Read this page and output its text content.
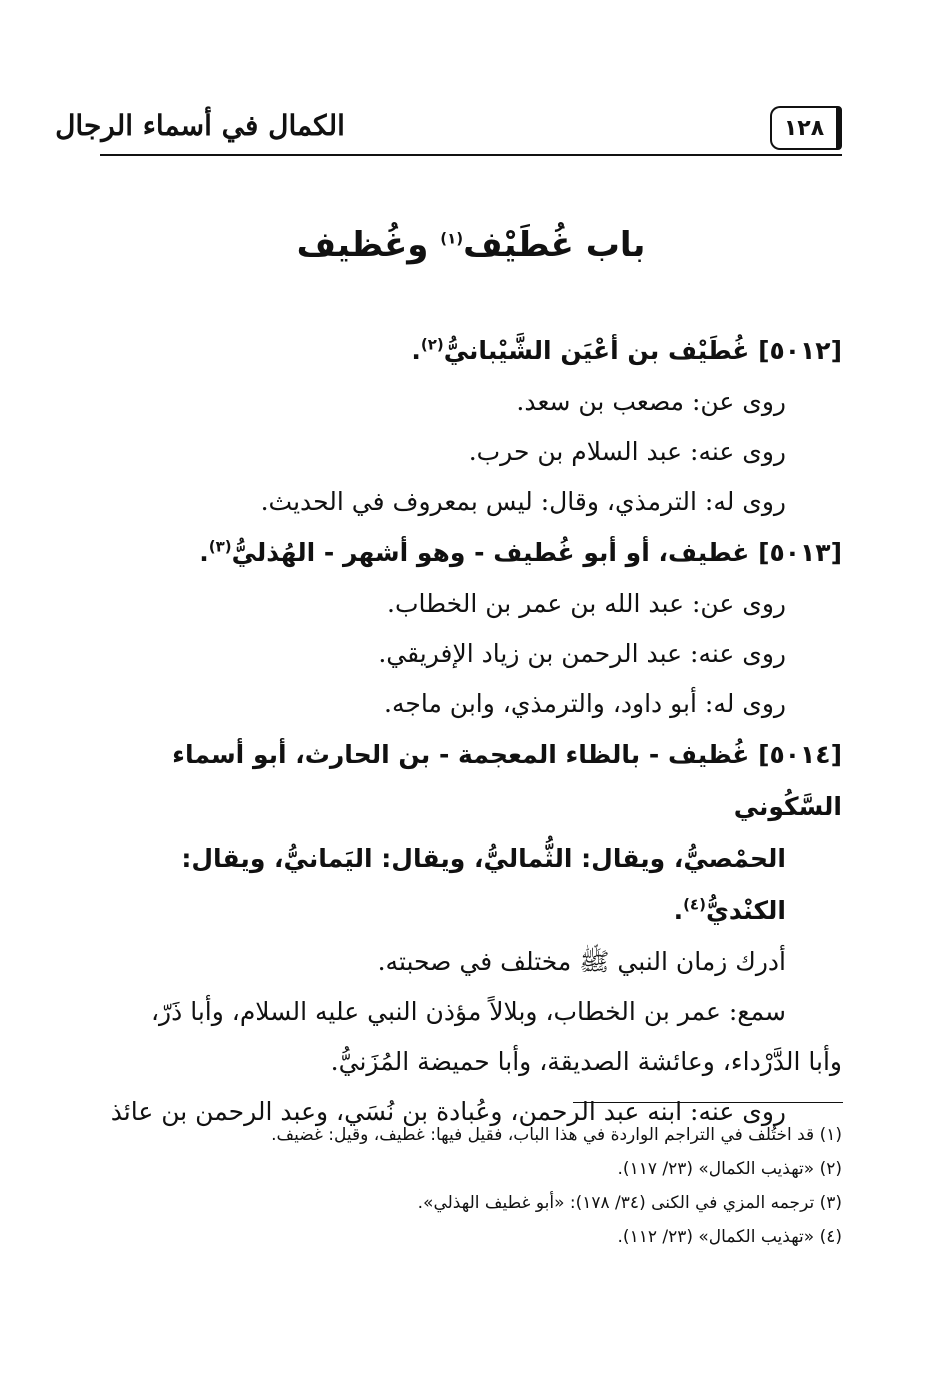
الكمال في أسماء الرجال	١٢٨
باب غُطَيْف$^{(١)}$ وغُظيف
[٥٠١٢] غُطَيْف بن أعْيَن الشَّيْبانيُّ$^{(٢)}$.
روى عن: مصعب بن سعد.
روى عنه: عبد السلام بن حرب.
روى له: الترمذي، وقال: ليس بمعروف في الحديث.
[٥٠١٣] غطيف، أو أبو غُطيف - وهو أشهر - الهُذليُّ$^{(٣)}$.
روى عن: عبد الله بن عمر بن الخطاب.
روى عنه: عبد الرحمن بن زياد الإفريقي.
روى له: أبو داود، والترمذي، وابن ماجه.
[٥٠١٤] غُظيف - بالظاء المعجمة - بن الحارث، أبو أسماء السَّكُوني
الحمْصيُّ، ويقال: الثُّماليُّ، ويقال: اليَمانيُّ، ويقال:
الكنْديُّ$^{(٤)}$.
أدرك زمان النبي ﷺ مختلف في صحبته.
سمع: عمر بن الخطاب، وبلالاً مؤذن النبي عليه السلام، وأبا ذَرّ،
وأبا الدَّرْداء، وعائشة الصديقة، وأبا حميضة المُزَنيُّ.
روى عنه: ابنه عبد الرحمن، وعُبادة بن نُسَي، وعبد الرحمن بن عائذ
(١) قد اختُلف في التراجم الواردة في هذا الباب، فقيل فيها: غطيف، وقيل: غضيف.
(٢) «تهذيب الكمال» (٢٣/ ١١٧).
(٣) ترجمه المزي في الكنى (٣٤/ ١٧٨): «أبو غطيف الهذلي».
(٤) «تهذيب الكمال» (٢٣/ ١١٢).
